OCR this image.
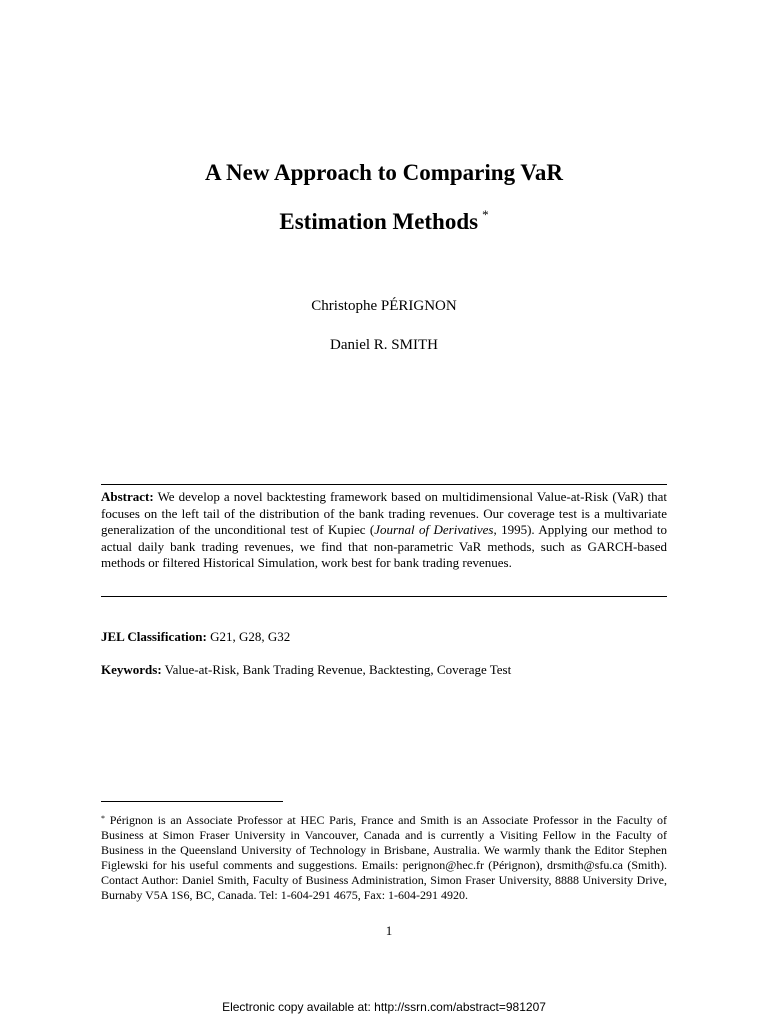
A New Approach to Comparing VaR
Estimation Methods *
Christophe PÉRIGNON
Daniel R. SMITH
Abstract: We develop a novel backtesting framework based on multidimensional Value-at-Risk (VaR) that focuses on the left tail of the distribution of the bank trading revenues. Our coverage test is a multivariate generalization of the unconditional test of Kupiec (Journal of Derivatives, 1995). Applying our method to actual daily bank trading revenues, we find that non-parametric VaR methods, such as GARCH-based methods or filtered Historical Simulation, work best for bank trading revenues.
JEL Classification: G21, G28, G32
Keywords: Value-at-Risk, Bank Trading Revenue, Backtesting, Coverage Test
* Pérignon is an Associate Professor at HEC Paris, France and Smith is an Associate Professor in the Faculty of Business at Simon Fraser University in Vancouver, Canada and is currently a Visiting Fellow in the Faculty of Business in the Queensland University of Technology in Brisbane, Australia. We warmly thank the Editor Stephen Figlewski for his useful comments and suggestions. Emails: perignon@hec.fr (Pérignon), drsmith@sfu.ca (Smith). Contact Author: Daniel Smith, Faculty of Business Administration, Simon Fraser University, 8888 University Drive, Burnaby V5A 1S6, BC, Canada. Tel: 1-604-291 4675, Fax: 1-604-291 4920.
1
Electronic copy available at: http://ssrn.com/abstract=981207
